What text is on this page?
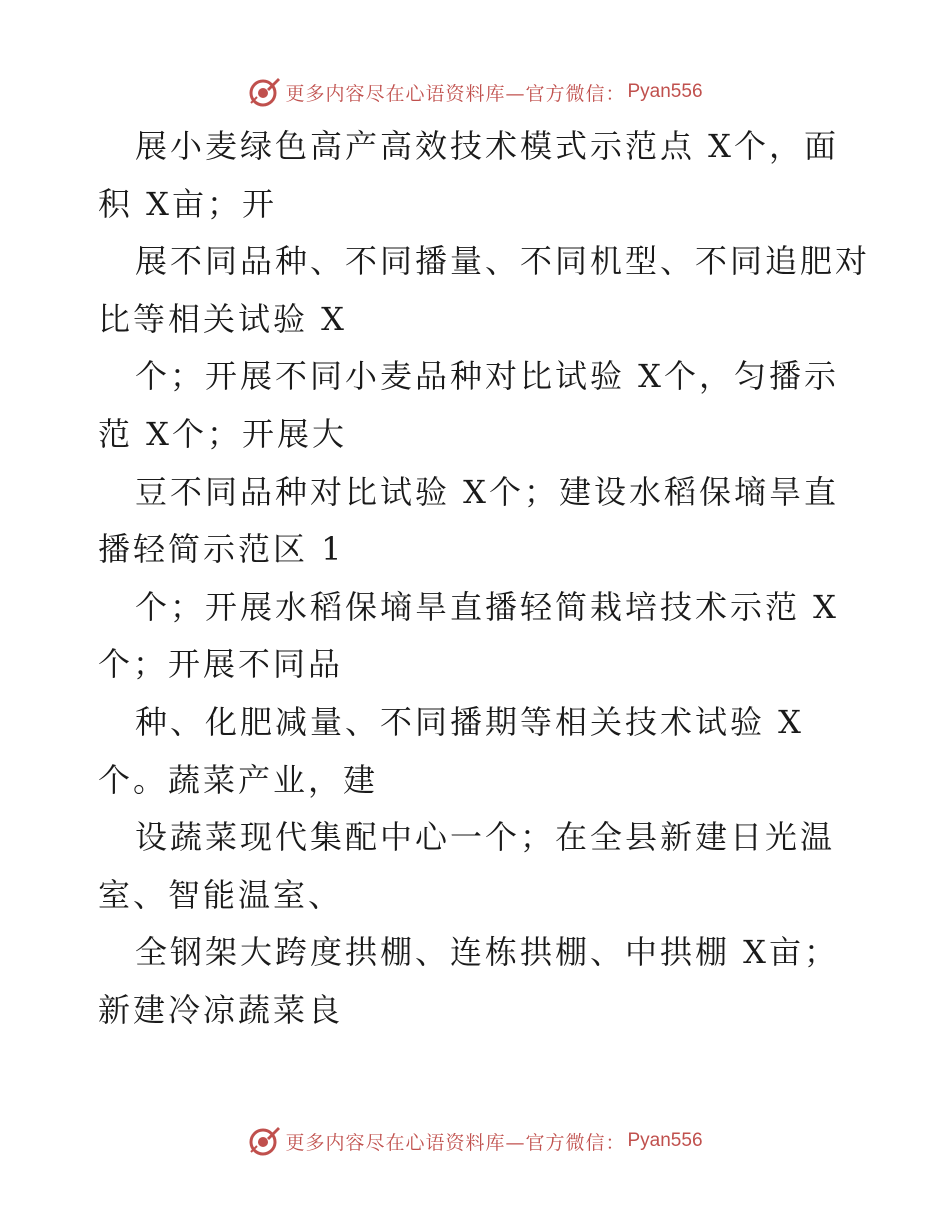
更多内容尽在心语资料库—官方微信： Pyan556
展小麦绿色高产高效技术模式示范点 X个，面
积 X亩；开
展不同品种、不同播量、不同机型、不同追肥对
比等相关试验 X
个；开展不同小麦品种对比试验 X个，匀播示
范 X个；开展大
豆不同品种对比试验 X个；建设水稻保墒旱直
播轻简示范区 1
个；开展水稻保墒旱直播轻简栽培技术示范 X
个；开展不同品
种、化肥减量、不同播期等相关技术试验 X
个。蔬菜产业，建
设蔬菜现代集配中心一个；在全县新建日光温
室、智能温室、
全钢架大跨度拱棚、连栋拱棚、中拱棚 X亩；
新建冷凉蔬菜良
更多内容尽在心语资料库—官方微信： Pyan556
